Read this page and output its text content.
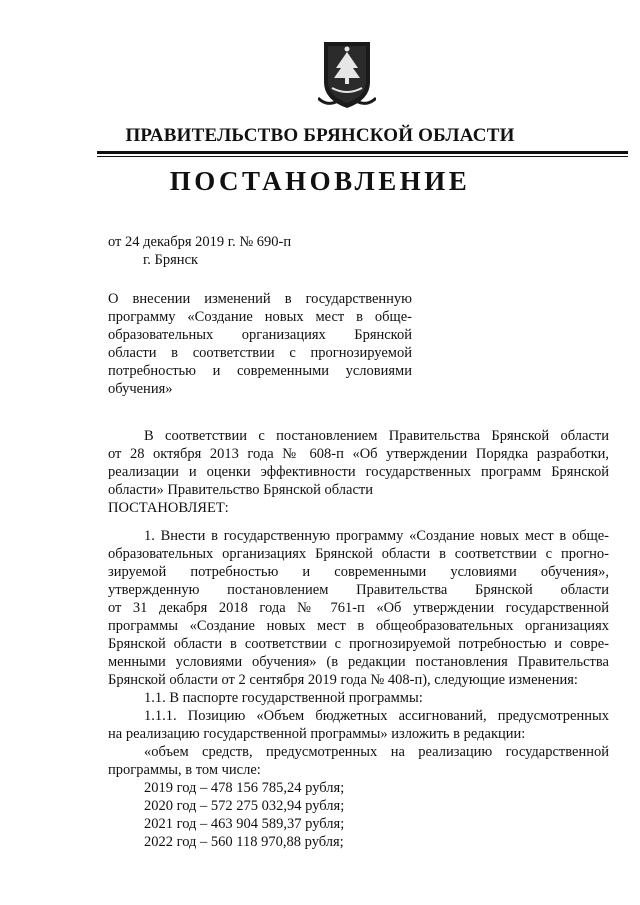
ПРАВИТЕЛЬСТВО БРЯНСКОЙ ОБЛАСТИ
ПОСТАНОВЛЕНИЕ
от 24 декабря 2019 г. № 690-п
г. Брянск
О внесении изменений в государственную
программу «Создание новых мест в обще-
образовательных организациях Брянской
области в соответствии с прогнозируемой
потребностью и современными условиями
обучения»

В соответствии с постановлением Правительства Брянской области
от 28 октября 2013 года № 608-п «Об утверждении Порядка разработки,
реализации и оценки эффективности государственных программ Брянской
области» Правительство Брянской области

ПОСТАНОВЛЯЕТ:

1. Внести в государственную программу «Создание новых мест в обще-
образовательных организациях Брянской области в соответствии с прогно-
зируемой потребностью и современными условиями обучения»,
утвержденную постановлением Правительства Брянской области
от 31 декабря 2018 года № 761-п «Об утверждении государственной
программы «Создание новых мест в общеобразовательных организациях
Брянской области в соответствии с прогнозируемой потребностью и совре-
менными условиями обучения» (в редакции постановления Правительства
Брянской области от 2 сентября 2019 года № 408-п), следующие изменения:

1.1. В паспорте государственной программы:

1.1.1. Позицию «Объем бюджетных ассигнований, предусмотренных
на реализацию государственной программы» изложить в редакции:

«объем средств, предусмотренных на реализацию государственной
программы, в том числе:

2019 год – 478 156 785,24 рубля;

2020 год – 572 275 032,94 рубля;

2021 год – 463 904 589,37 рубля;

2022 год – 560 118 970,88 рубля;
